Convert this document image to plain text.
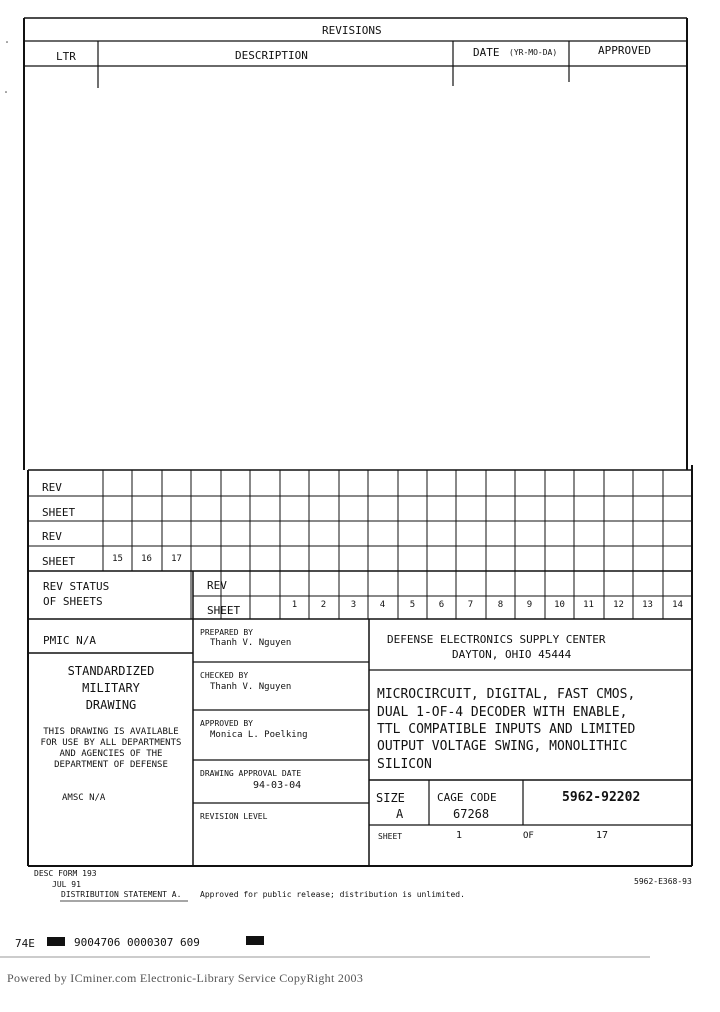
REVISIONS
LTR	DESCRIPTION	DATE (YR-MO-DA)	APPROVED
REV
SHEET
REV
SHEET	15	16	17
REV STATUS
OF SHEETS
REV
SHEET	1	2	3	4	5	6	7	8	9	10	11	12	13	14
PMIC N/A
STANDARDIZED
MILITARY
DRAWING
THIS DRAWING IS AVAILABLE
FOR USE BY ALL DEPARTMENTS
AND AGENCIES OF THE
DEPARTMENT OF DEFENSE
AMSC N/A
PREPARED BY
Thanh V. Nguyen
CHECKED BY
Thanh V. Nguyen
APPROVED BY
Monica L. Poelking
DRAWING APPROVAL DATE
94-03-04
REVISION LEVEL
DEFENSE ELECTRONICS SUPPLY CENTER
DAYTON, OHIO 45444
MICROCIRCUIT, DIGITAL, FAST CMOS,
DUAL 1-OF-4 DECODER WITH ENABLE,
TTL COMPATIBLE INPUTS AND LIMITED
OUTPUT VOLTAGE SWING, MONOLITHIC
SILICON
SIZE
A
CAGE CODE
67268
5962-92202
SHEET	1	OF	17
DESC FORM 193
JUL 91
DISTRIBUTION STATEMENT A. Approved for public release; distribution is unlimited.
5962-E368-93
74E	9004706 0000307 609
Powered by ICminer.com Electronic-Library Service CopyRight 2003
